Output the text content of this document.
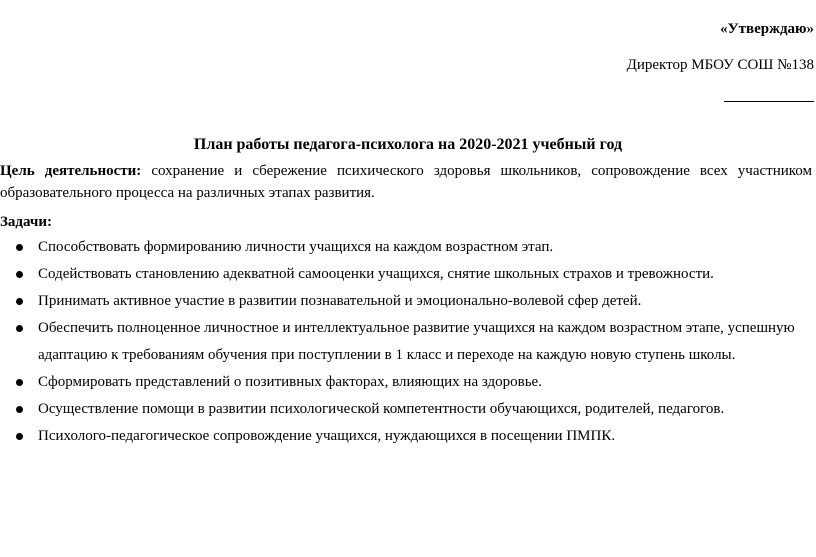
«Утверждаю»
Директор МБОУ СОШ №138
План работы педагога-психолога на 2020-2021 учебный год
Цель деятельности: сохранение и сбережение психического здоровья школьников, сопровождение всех участником образовательного процесса на различных этапах развития.
Задачи:
Способствовать формированию личности учащихся на каждом возрастном этап.
Содействовать становлению адекватной самооценки учащихся, снятие школьных страхов и тревожности.
Принимать активное участие в развитии познавательной и эмоционально-волевой сфер детей.
Обеспечить полноценное личностное и интеллектуальное развитие учащихся на каждом возрастном этапе, успешную адаптацию к требованиям обучения при поступлении в 1 класс и переходе на каждую новую ступень школы.
Сформировать представлений о позитивных факторах, влияющих на здоровье.
Осуществление помощи в развитии психологической компетентности обучающихся, родителей, педагогов.
Психолого-педагогическое сопровождение учащихся, нуждающихся в посещении ПМПК.
